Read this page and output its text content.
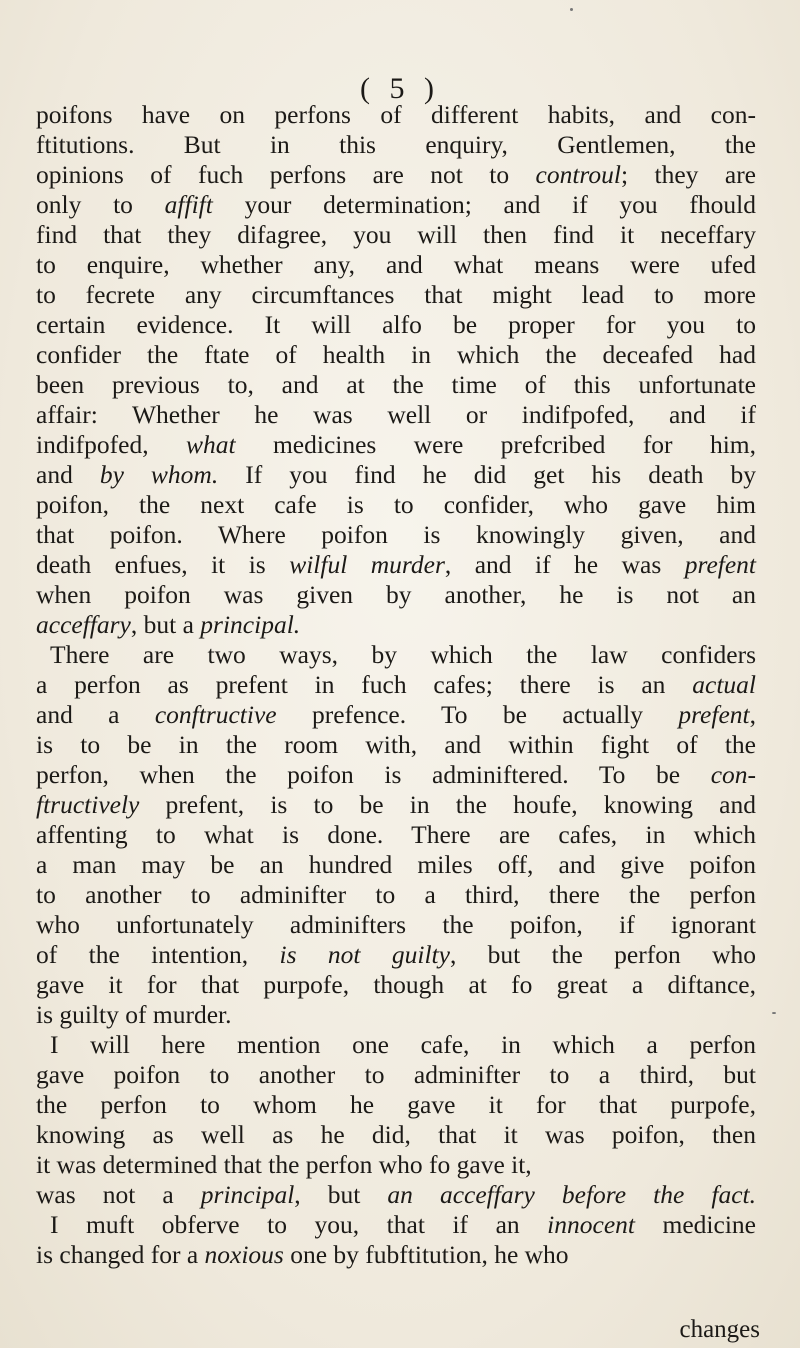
( 5 )
poifons have on perfons of different habits, and con-
ftitutions. But in this enquiry, Gentlemen, the
opinions of fuch perfons are not to controul; they are
only to affift your determination; and if you fhould
find that they difagree, you will then find it neceffary
to enquire, whether any, and what means were ufed
to fecrete any circumftances that might lead to more
certain evidence. It will alfo be proper for you to
confider the ftate of health in which the deceafed had
been previous to, and at the time of this unfortunate
affair: Whether he was well or indifpofed, and if
indifpofed, what medicines were prefcribed for him,
and by whom. If you find he did get his death by
poifon, the next cafe is to confider, who gave him
that poifon. Where poifon is knowingly given, and
death enfues, it is wilful murder, and if he was prefent
when poifon was given by another, he is not an
acceffary, but a principal.
There are two ways, by which the law confiders
a perfon as prefent in fuch cafes; there is an actual
and a conftructive prefence. To be actually prefent,
is to be in the room with, and within fight of the
perfon, when the poifon is adminiftered. To be con-
ftructively prefent, is to be in the houfe, knowing and
affenting to what is done. There are cafes, in which
a man may be an hundred miles off, and give poifon
to another to adminifter to a third, there the perfon
who unfortunately adminifters the poifon, if ignorant
of the intention, is not guilty, but the perfon who
gave it for that purpofe, though at fo great a diftance,
is guilty of murder.
I will here mention one cafe, in which a perfon
gave poifon to another to adminifter to a third, but
the perfon to whom he gave it for that purpofe,
knowing as well as he did, that it was poifon, then
it was determined that the perfon who fo gave it,
was not a principal, but an acceffary before the fact.
I muft obferve to you, that if an innocent medicine
is changed for a noxious one by fubftitution, he who
changes
